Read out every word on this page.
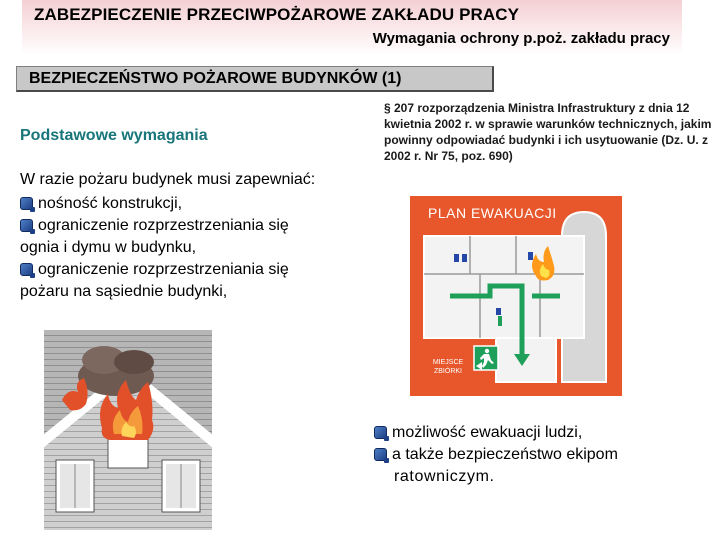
ZABEZPIECZENIE PRZECIWPOŻAROWE ZAKŁADU PRACY
Wymagania ochrony p.poż. zakładu pracy
BEZPIECZEŃSTWO POŻAROWE BUDYNKÓW (1)
§ 207 rozporządzenia Ministra Infrastruktury z dnia 12 kwietnia 2002 r. w sprawie warunków technicznych, jakim powinny odpowiadać budynki i ich usytuowanie (Dz. U. z 2002 r. Nr 75, poz. 690)
Podstawowe wymagania
W razie pożaru budynek musi zapewniać:
nośność konstrukcji,
ograniczenie rozprzestrzeniania się
ognia i dymu w budynku,
ograniczenie rozprzestrzeniania się
pożaru na sąsiednie budynki,
PLAN EWAKUACJI
MIEJSCE ZBIÓRKI
możliwość ewakuacji ludzi,
a także bezpieczeństwo ekipom
ratowniczym.
